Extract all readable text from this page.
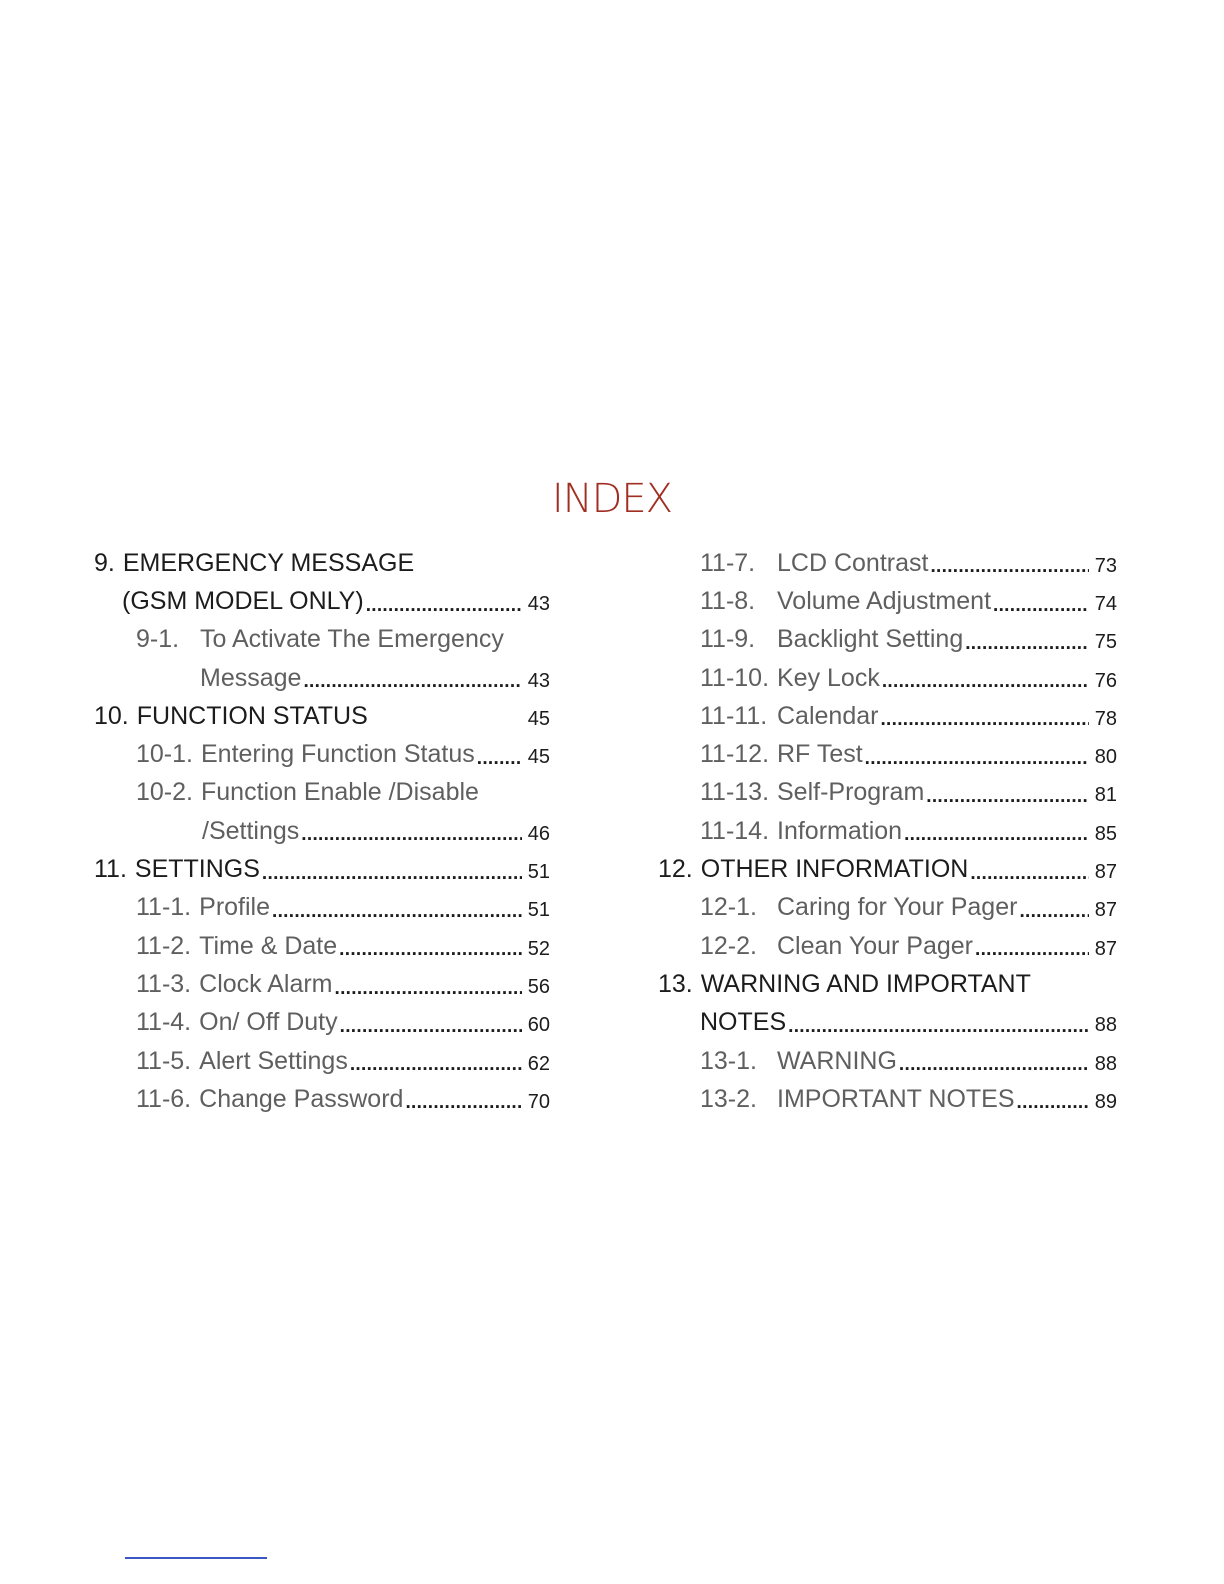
INDEX
9. EMERGENCY MESSAGE
(GSM MODEL ONLY) .....	43
9-1. To Activate The Emergency
Message .....	43
10. FUNCTION STATUS	45
10-1. Entering Function Status .....	45
10-2. Function Enable /Disable
/Settings .....	46
11. SETTINGS .....	51
11-1. Profile .....	51
11-2. Time & Date .....	52
11-3. Clock Alarm .....	56
11-4. On/ Off Duty .....	60
11-5. Alert Settings .....	62
11-6. Change Password .....	70
11-7. LCD Contrast .....	73
11-8. Volume Adjustment .....	74
11-9. Backlight Setting .....	75
11-10. Key Lock .....	76
11-11. Calendar .....	78
11-12. RF Test .....	80
11-13. Self-Program .....	81
11-14. Information .....	85
12. OTHER INFORMATION .....	87
12-1. Caring for Your Pager .....	87
12-2. Clean Your Pager .....	87
13. WARNING AND IMPORTANT
NOTES .....	88
13-1. WARNING .....	88
13-2. IMPORTANT NOTES .....	89
